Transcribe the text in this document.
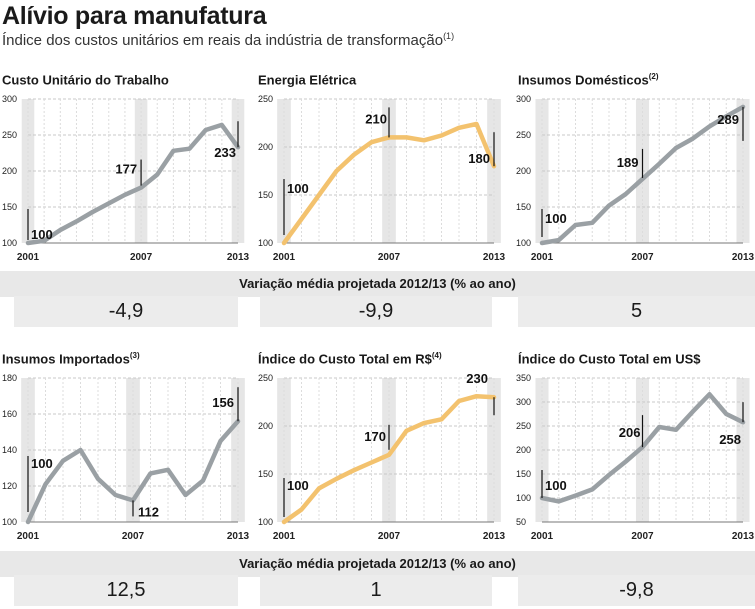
Alívio para manufatura
Índice dos custos unitários em reais da indústria de transformação$^{(1)}$
Custo Unitário do Trabalho	Energia Elétrica	Insumos Domésticos$^{(2)}$
Insumos Importados$^{(3)}$	Índice do Custo Total em R\$$^{(4)}$	Índice do Custo Total em US$
100
150
200
250
300
2001	2007	2013
100
177
233
100
150
200
250
2001	2007	2013
100
210
180
100
150
200
250
300
2001	2007	2013
100
189
289
100
120
140
160
180
2001	2007	2013
100
112
156
100
150
200
250
2001	2007	2013
100
170
230
50
100
150
200
250
300
350
2001	2007	2013
100
206	258
Variação média projetada 2012/13 (% ao ano)
-4,9	-9,9	5
Variação média projetada 2012/13 (% ao ano)
12,5	1	-9,8
